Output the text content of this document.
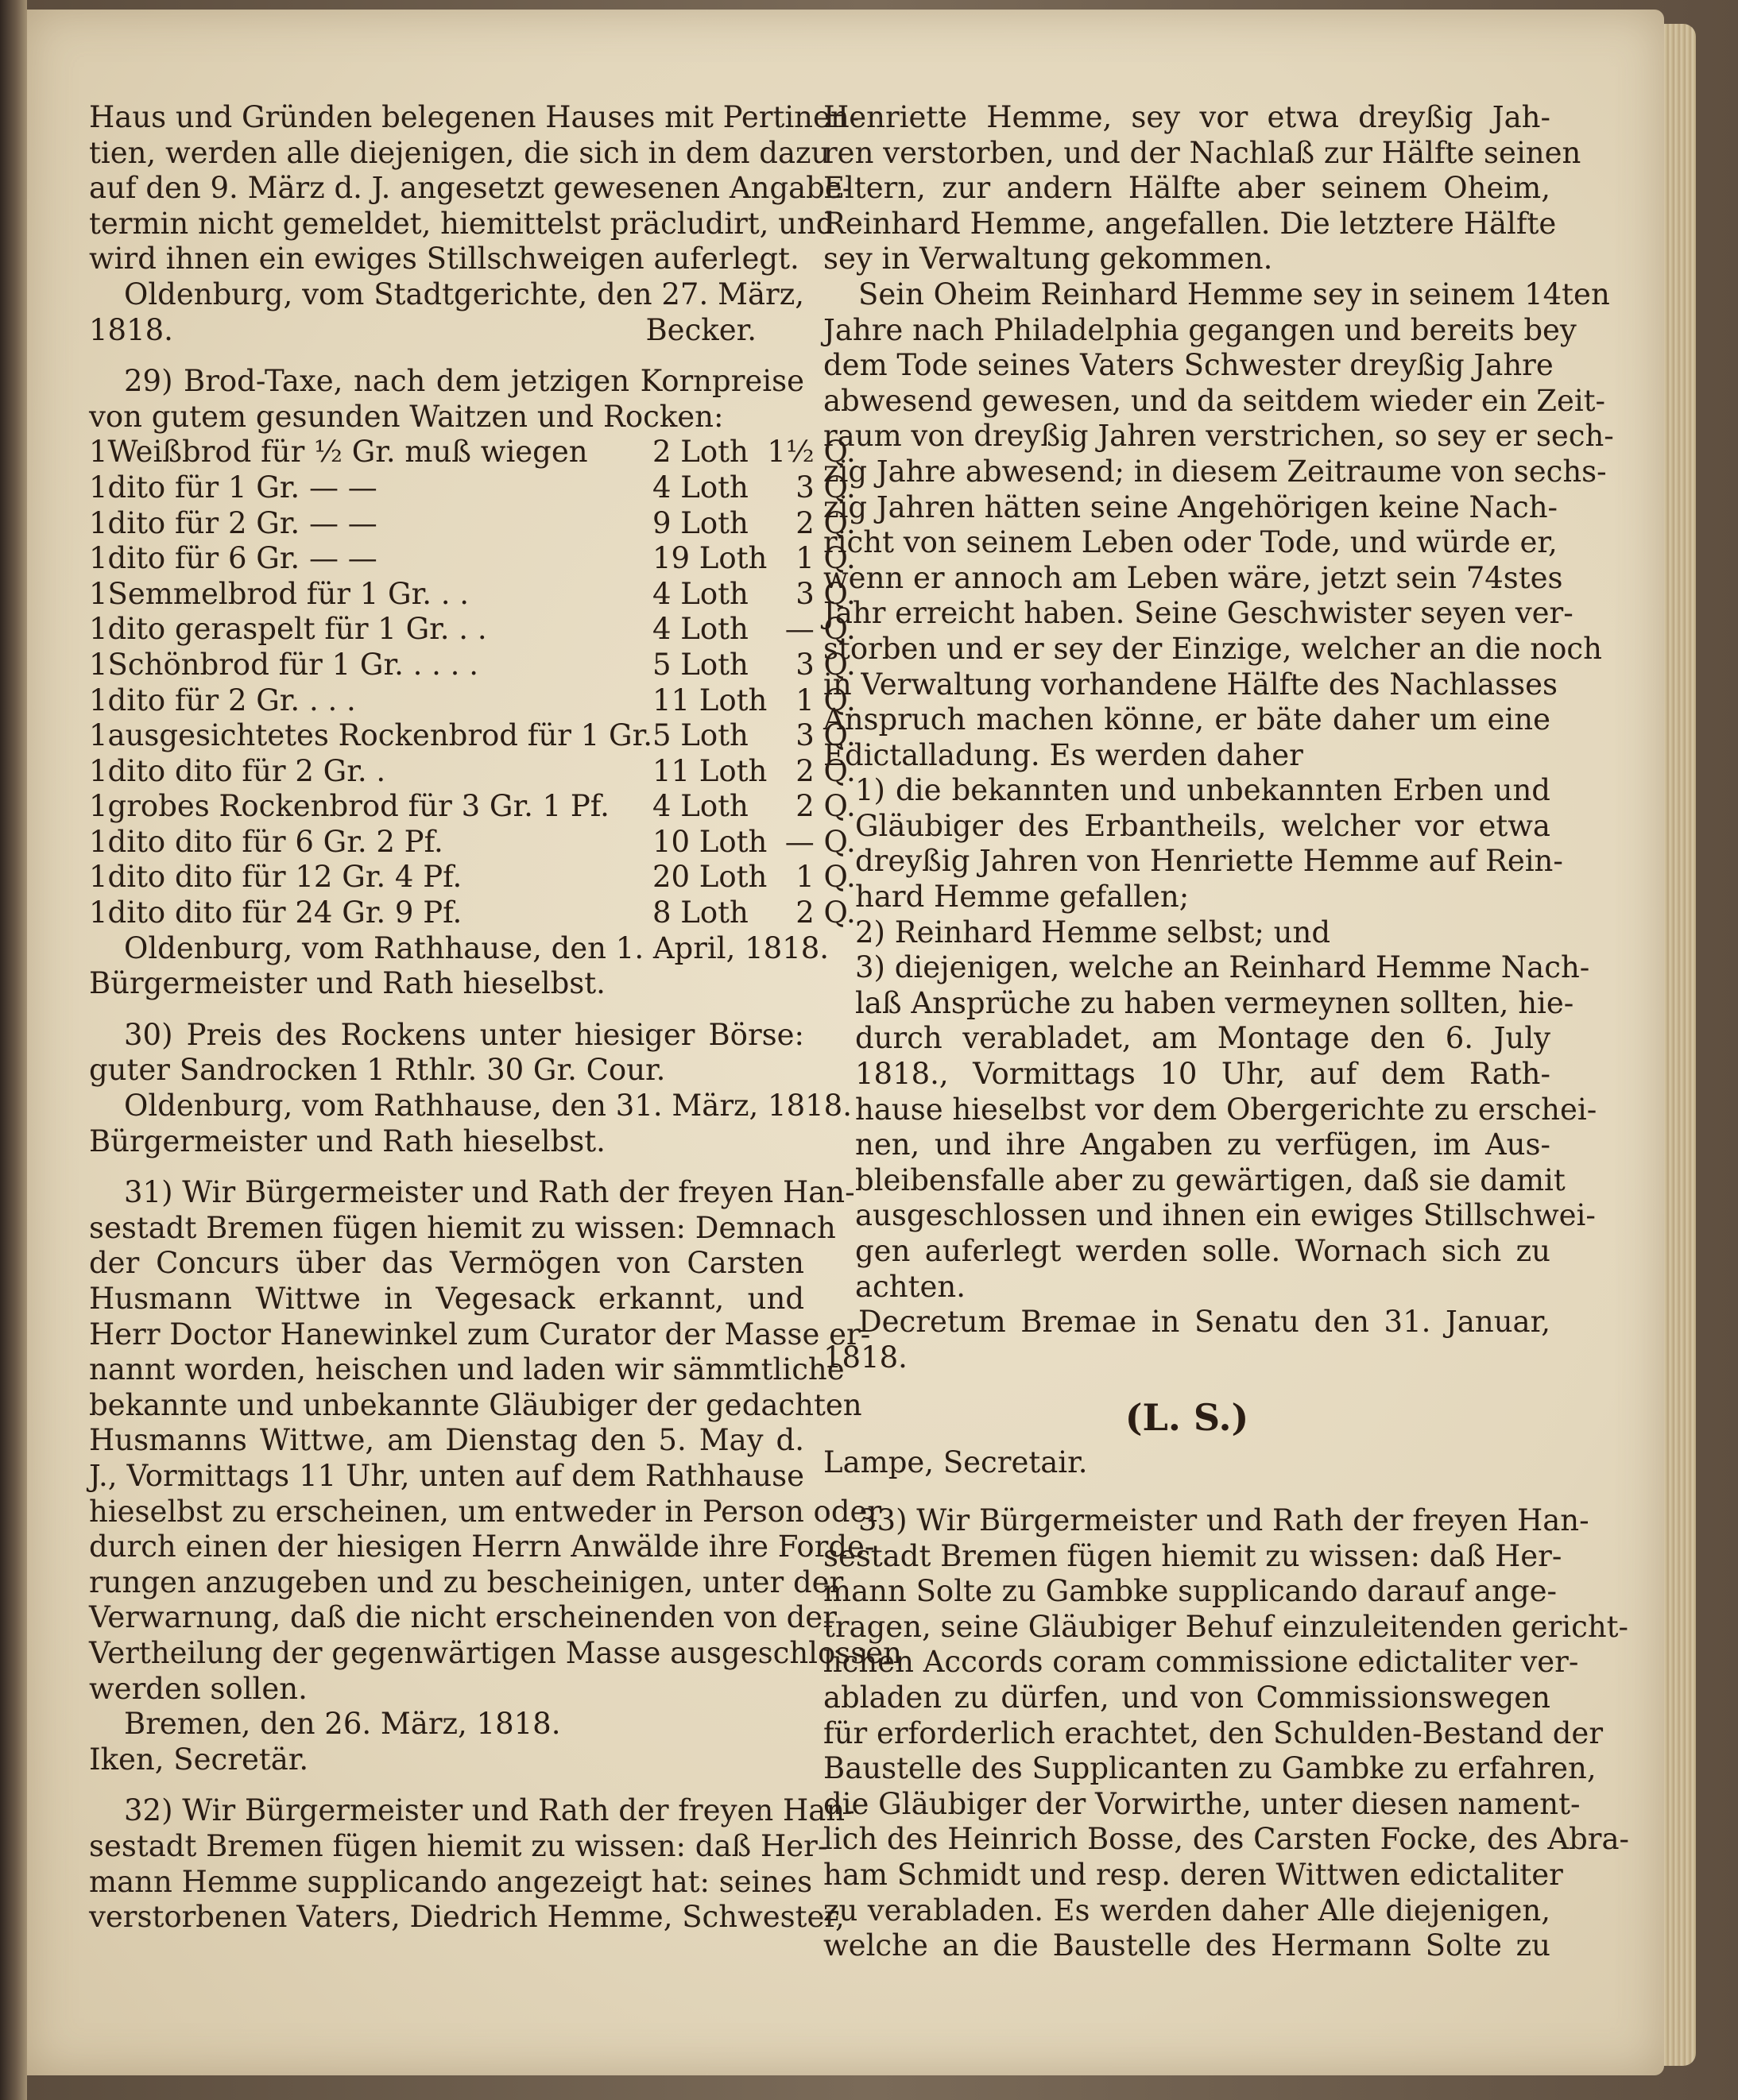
Haus und Gründen belegenen Hauses mit Pertinen-

tien, werden alle diejenigen, die sich in dem dazu

auf den 9. März d. J. angesetzt gewesenen Angabe-

termin nicht gemeldet, hiemittelst präcludirt, und

wird ihnen ein ewiges Stillschweigen auferlegt.

Oldenburg, vom Stadtgerichte, den 27. März,

1818.	Becker.

29) Brod-Taxe, nach dem jetzigen Kornpreise

von gutem gesunden Waitzen und Rocken:

1	Weißbrod für ½ Gr. muß wiegen	2 Loth	1½ Q.
1	dito für 1 Gr. — —	4 Loth	3 Q.
1	dito für 2 Gr. — —	9 Loth	2 Q.
1	dito für 6 Gr. — —	19 Loth	1 Q.
1	Semmelbrod für 1 Gr. . .	4 Loth	3 Q.
1	dito geraspelt für 1 Gr. . .	4 Loth	— Q.
1	Schönbrod für 1 Gr. . . . .	5 Loth	3 Q.
1	dito für 2 Gr. . . .	11 Loth	1 Q.
1	ausgesichtetes Rockenbrod für 1 Gr.	5 Loth	3 Q.
1	dito dito für 2 Gr. .	11 Loth	2 Q.
1	grobes Rockenbrod für 3 Gr. 1 Pf.	4 Loth	2 Q.
1	dito dito für 6 Gr. 2 Pf.	10 Loth	— Q.
1	dito dito für 12 Gr. 4 Pf.	20 Loth	1 Q.
1	dito dito für 24 Gr. 9 Pf.	8 Loth	2 Q.

Oldenburg, vom Rathhause, den 1. April, 1818.

Bürgermeister und Rath hieselbst.

30) Preis des Rockens unter hiesiger Börse:

guter Sandrocken 1 Rthlr. 30 Gr. Cour.

Oldenburg, vom Rathhause, den 31. März, 1818.

Bürgermeister und Rath hieselbst.

31) Wir Bürgermeister und Rath der freyen Han-

sestadt Bremen fügen hiemit zu wissen: Demnach

der Concurs über das Vermögen von Carsten

Husmann Wittwe in Vegesack erkannt, und

Herr Doctor Hanewinkel zum Curator der Masse er-

nannt worden, heischen und laden wir sämmtliche

bekannte und unbekannte Gläubiger der gedachten

Husmanns Wittwe, am Dienstag den 5. May d.

J., Vormittags 11 Uhr, unten auf dem Rathhause

hieselbst zu erscheinen, um entweder in Person oder

durch einen der hiesigen Herrn Anwälde ihre Forde-

rungen anzugeben und zu bescheinigen, unter der

Verwarnung, daß die nicht erscheinenden von der

Vertheilung der gegenwärtigen Masse ausgeschlossen

werden sollen.

Bremen, den 26. März, 1818.

Iken, Secretär.

32) Wir Bürgermeister und Rath der freyen Han-

sestadt Bremen fügen hiemit zu wissen: daß Her-

mann Hemme supplicando angezeigt hat: seines

verstorbenen Vaters, Diedrich Hemme, Schwester,

Henriette Hemme, sey vor etwa dreyßig Jah-

ren verstorben, und der Nachlaß zur Hälfte seinen

Eltern, zur andern Hälfte aber seinem Oheim,

Reinhard Hemme, angefallen. Die letztere Hälfte

sey in Verwaltung gekommen.

Sein Oheim Reinhard Hemme sey in seinem 14ten

Jahre nach Philadelphia gegangen und bereits bey

dem Tode seines Vaters Schwester dreyßig Jahre

abwesend gewesen, und da seitdem wieder ein Zeit-

raum von dreyßig Jahren verstrichen, so sey er sech-

zig Jahre abwesend; in diesem Zeitraume von sechs-

zig Jahren hätten seine Angehörigen keine Nach-

richt von seinem Leben oder Tode, und würde er,

wenn er annoch am Leben wäre, jetzt sein 74stes

Jahr erreicht haben. Seine Geschwister seyen ver-

storben und er sey der Einzige, welcher an die noch

in Verwaltung vorhandene Hälfte des Nachlasses

Anspruch machen könne, er bäte daher um eine

Edictalladung. Es werden daher

1) die bekannten und unbekannten Erben und

Gläubiger des Erbantheils, welcher vor etwa

dreyßig Jahren von Henriette Hemme auf Rein-

hard Hemme gefallen;

2) Reinhard Hemme selbst; und

3) diejenigen, welche an Reinhard Hemme Nach-

laß Ansprüche zu haben vermeynen sollten, hie-

durch verabladet, am Montage den 6. July

1818., Vormittags 10 Uhr, auf dem Rath-

hause hieselbst vor dem Obergerichte zu erschei-

nen, und ihre Angaben zu verfügen, im Aus-

bleibensfalle aber zu gewärtigen, daß sie damit

ausgeschlossen und ihnen ein ewiges Stillschwei-

gen auferlegt werden solle. Wornach sich zu

achten.

Decretum Bremae in Senatu den 31. Januar,

1818.

(L. S.)

Lampe, Secretair.

33) Wir Bürgermeister und Rath der freyen Han-

sestadt Bremen fügen hiemit zu wissen: daß Her-

mann Solte zu Gambke supplicando darauf ange-

tragen, seine Gläubiger Behuf einzuleitenden gericht-

lichen Accords coram commissione edictaliter ver-

abladen zu dürfen, und von Commissionswegen

für erforderlich erachtet, den Schulden-Bestand der

Baustelle des Supplicanten zu Gambke zu erfahren,

die Gläubiger der Vorwirthe, unter diesen nament-

lich des Heinrich Bosse, des Carsten Focke, des Abra-

ham Schmidt und resp. deren Wittwen edictaliter

zu verabladen. Es werden daher Alle diejenigen,

welche an die Baustelle des Hermann Solte zu
